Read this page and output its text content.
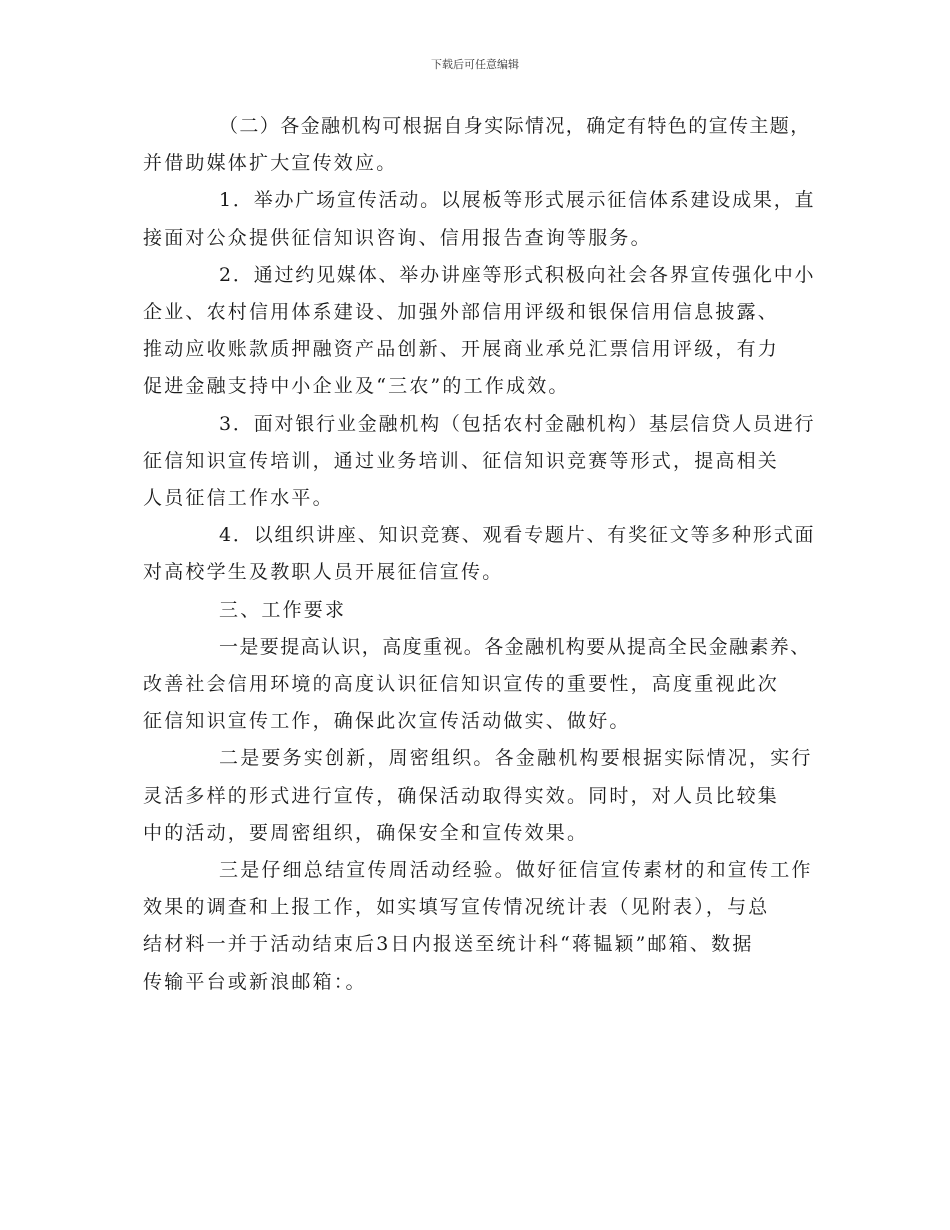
下载后可任意编辑
（二）各金融机构可根据自身实际情况，确定有特色的宣传主题，
并借助媒体扩大宣传效应。
1．举办广场宣传活动。以展板等形式展示征信体系建设成果，直
接面对公众提供征信知识咨询、信用报告查询等服务。
2．通过约见媒体、举办讲座等形式积极向社会各界宣传强化中小
企业、农村信用体系建设、加强外部信用评级和银保信用信息披露、
推动应收账款质押融资产品创新、开展商业承兑汇票信用评级，有力
促进金融支持中小企业及“三农”的工作成效。
3．面对银行业金融机构（包括农村金融机构）基层信贷人员进行
征信知识宣传培训，通过业务培训、征信知识竞赛等形式，提高相关
人员征信工作水平。
4．以组织讲座、知识竞赛、观看专题片、有奖征文等多种形式面
对高校学生及教职人员开展征信宣传。
三、工作要求
一是要提高认识，高度重视。各金融机构要从提高全民金融素养、
改善社会信用环境的高度认识征信知识宣传的重要性，高度重视此次
征信知识宣传工作，确保此次宣传活动做实、做好。
二是要务实创新，周密组织。各金融机构要根据实际情况，实行
灵活多样的形式进行宣传，确保活动取得实效。同时，对人员比较集
中的活动，要周密组织，确保安全和宣传效果。
三是仔细总结宣传周活动经验。做好征信宣传素材的和宣传工作
效果的调查和上报工作，如实填写宣传情况统计表（见附表），与总
结材料一并于活动结束后3日内报送至统计科“蒋韫颖”邮箱、数据
传输平台或新浪邮箱：。
